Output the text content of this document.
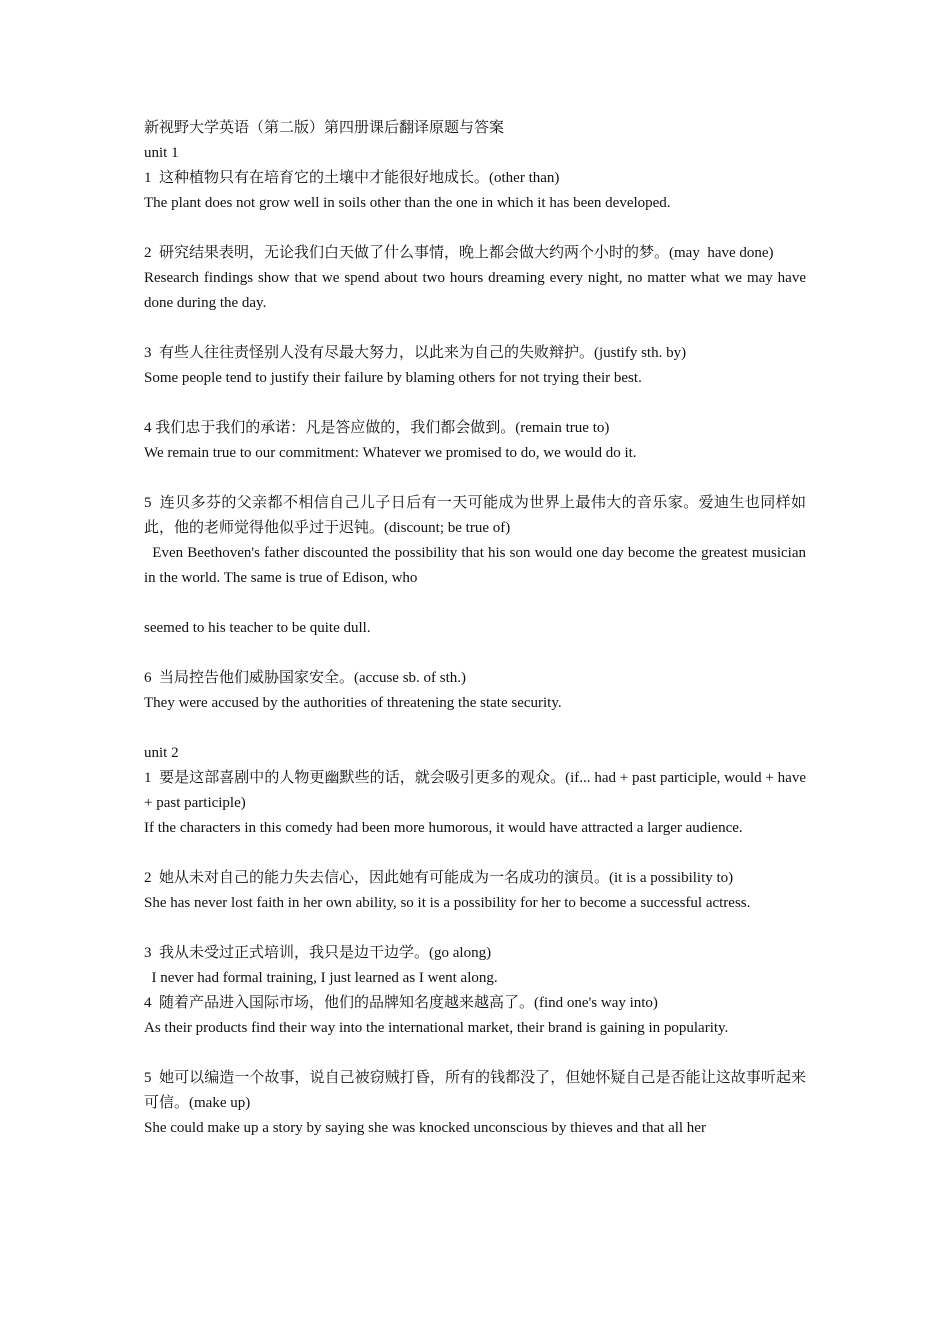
新视野大学英语（第二版）第四册课后翻译原题与答案
unit 1
1  这种植物只有在培育它的土壤中才能很好地成长。(other than)
The plant does not grow well in soils other than the one in which it has been developed.
2  研究结果表明，无论我们白天做了什么事情，晚上都会做大约两个小时的梦。(may  have done)
Research findings show that we spend about two hours dreaming every night, no matter what we may have done during the day.
3  有些人往往责怪别人没有尽最大努力，以此来为自己的失败辩护。(justify sth. by)
Some people tend to justify their failure by blaming others for not trying their best.
4 我们忠于我们的承诺：凡是答应做的，我们都会做到。(remain true to)
We remain true to our commitment: Whatever we promised to do, we would do it.
5  连贝多芬的父亲都不相信自己儿子日后有一天可能成为世界上最伟大的音乐家。爱迪生也同样如此，他的老师觉得他似乎过于迟钝。(discount; be true of)
Even Beethoven's father discounted the possibility that his son would one day become the greatest musician in the world. The same is true of Edison, who
seemed to his teacher to be quite dull.
6  当局控告他们威胁国家安全。(accuse sb. of sth.)
They were accused by the authorities of threatening the state security.
unit 2
1  要是这部喜剧中的人物更幽默些的话，就会吸引更多的观众。(if... had + past participle, would + have + past participle)
If the characters in this comedy had been more humorous, it would have attracted a larger audience.
2  她从未对自己的能力失去信心，因此她有可能成为一名成功的演员。(it is a possibility to)
She has never lost faith in her own ability, so it is a possibility for her to become a successful actress.
3  我从未受过正式培训，我只是边干边学。(go along)
I never had formal training, I just learned as I went along.
4  随着产品进入国际市场，他们的品牌知名度越来越高了。(find one's way into)
As their products find their way into the international market, their brand is gaining in popularity.
5  她可以编造一个故事，说自己被窃贼打昏，所有的钱都没了，但她怀疑自己是否能让这故事听起来可信。(make up)
She could make up a story by saying she was knocked unconscious by thieves and that all her
